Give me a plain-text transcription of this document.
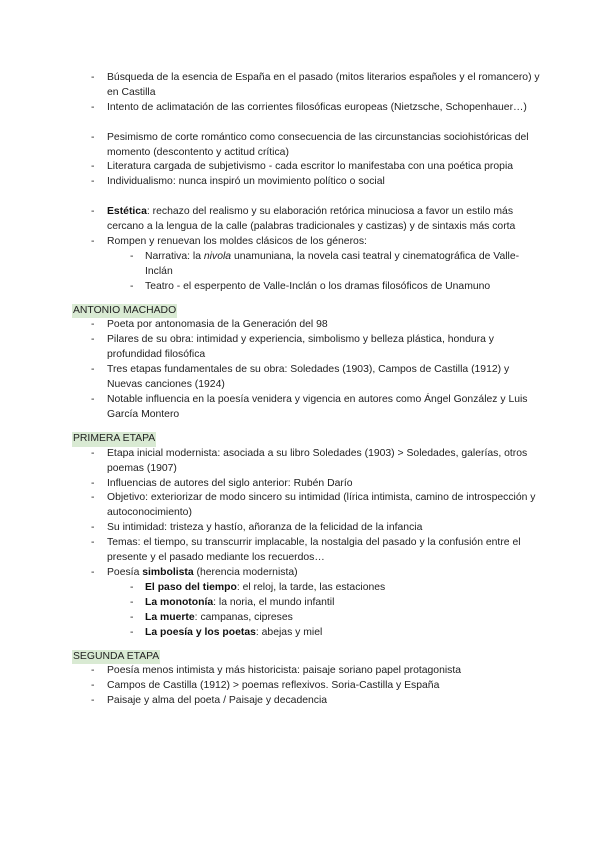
- Búsqueda de la esencia de España en el pasado (mitos literarios españoles y el romancero) y en Castilla
- Intento de aclimatación de las corrientes filosóficas europeas (Nietzsche, Schopenhauer…)
- Pesimismo de corte romántico como consecuencia de las circunstancias sociohistóricas del momento (descontento y actitud crítica)
- Literatura cargada de subjetivismo - cada escritor lo manifestaba con una poética propia
- Individualismo: nunca inspiró un movimiento político o social
- Estética: rechazo del realismo y su elaboración retórica minuciosa a favor un estilo más cercano a la lengua de la calle (palabras tradicionales y castizas) y de sintaxis más corta
- Rompen y renuevan los moldes clásicos de los géneros:
- Narrativa: la nivola unamuniana, la novela casi teatral y cinematográfica de Valle-Inclán
- Teatro - el esperpento de Valle-Inclán o los dramas filosóficos de Unamuno
ANTONIO MACHADO
- Poeta por antonomasia de la Generación del 98
- Pilares de su obra: intimidad y experiencia, simbolismo y belleza plástica, hondura y profundidad filosófica
- Tres etapas fundamentales de su obra: Soledades (1903), Campos de Castilla (1912) y Nuevas canciones (1924)
- Notable influencia en la poesía venidera y vigencia en autores como Ángel González y Luis García Montero
PRIMERA ETAPA
- Etapa inicial modernista: asociada a su libro Soledades (1903) > Soledades, galerías, otros poemas (1907)
- Influencias de autores del siglo anterior: Rubén Darío
- Objetivo: exteriorizar de modo sincero su intimidad (lírica intimista, camino de introspección y autoconocimiento)
- Su intimidad: tristeza y hastío, añoranza de la felicidad de la infancia
- Temas: el tiempo, su transcurrir implacable, la nostalgia del pasado y la confusión entre el presente y el pasado mediante los recuerdos…
- Poesía simbolista (herencia modernista)
- El paso del tiempo: el reloj, la tarde, las estaciones
- La monotonía: la noria, el mundo infantil
- La muerte: campanas, cipreses
- La poesía y los poetas: abejas y miel
SEGUNDA ETAPA
- Poesía menos intimista y más historicista: paisaje soriano papel protagonista
- Campos de Castilla (1912) > poemas reflexivos. Soria-Castilla y España
- Paisaje y alma del poeta / Paisaje y decadencia
